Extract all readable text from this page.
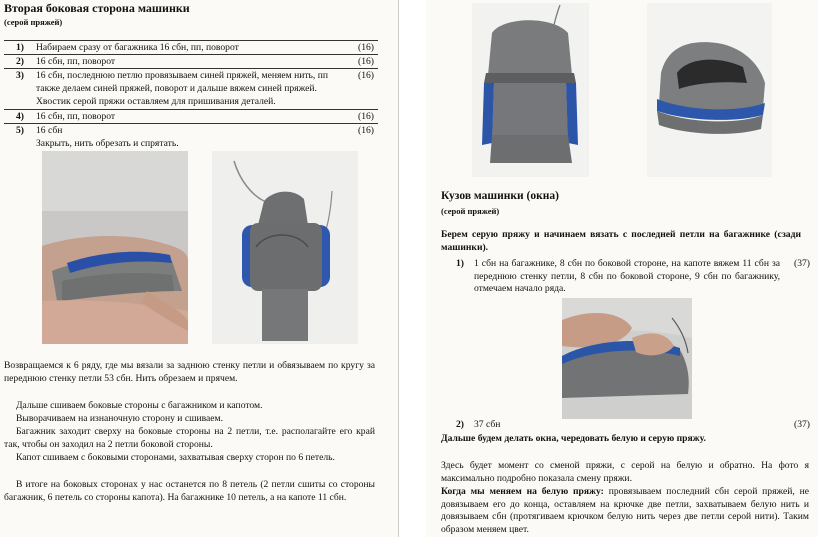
Вторая боковая сторона машинки
(серой пряжей)
1) Набираем сразу от багажника 16 сбн, пп, поворот	(16)
2) 16 сбн, пп, поворот	(16)
3) 16 сбн, последнюю петлю провязываем синей пряжей, меняем нить, пп	(16)
также делаем синей пряжей, поворот и дальше вяжем синей пряжей.
Хвостик серой пряжи оставляем для пришивания деталей.
4) 16 сбн, пп, поворот	(16)
5) 16 сбн	(16)
Закрыть, нить обрезать и спрятать.
Возвращаемся к 6 ряду, где мы вязали за заднюю стенку петли и обвязываем по кругу за переднюю стенку петли 53 сбн. Нить обрезаем и прячем.
Дальше сшиваем боковые стороны с багажником и капотом.
Выворачиваем на изнаночную сторону и сшиваем.
Багажник заходит сверху на боковые стороны на 2 петли, т.е. располагайте его край так, чтобы он заходил на 2 петли боковой стороны.
Капот сшиваем с боковыми сторонами, захватывая сверху сторон по 6 петель.
В итоге на боковых сторонах у нас останется по 8 петель (2 петли сшиты со стороны багажник, 6 петель со стороны капота). На багажнике 10 петель, а на капоте 11 сбн.
Кузов машинки (окна)
(серой пряжей)
Берем серую пряжу и начинаем вязать с последней петли на багажнике (сзади машинки).
1) 1 сбн на багажнике, 8 сбн по боковой стороне, на капоте вяжем 11 сбн за переднюю стенку петли, 8 сбн по боковой стороне, 9 сбн по багажнику, отмечаем начало ряда.
(37)
2) 37 сбн	(37)
Дальше будем делать окна, чередовать белую и серую пряжу.
Здесь будет момент со сменой пряжи, с серой на белую и обратно. На фото я максимально подробно показала смену пряжи.
Когда мы меняем на белую пряжу: провязываем последний сбн серой пряжей, не довязываем его до конца, оставляем на крючке две петли, захватываем белую нить и довязываем сбн (протягиваем крючком белую нить через две петли серой нити). Таким образом меняем цвет.
